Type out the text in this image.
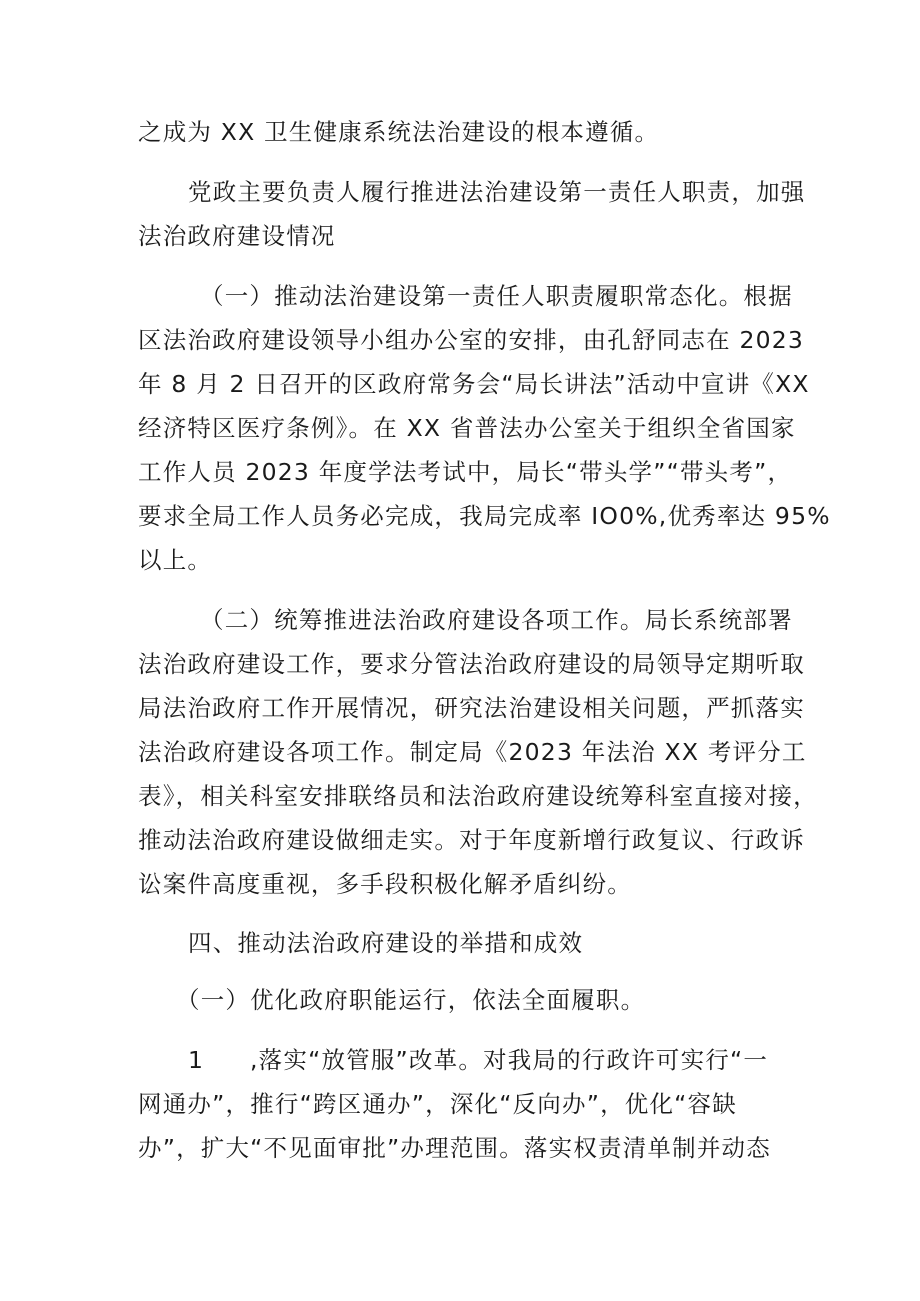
之成为 XX 卫生健康系统法治建设的根本遵循。
党政主要负责人履行推进法治建设第一责任人职责，加强
法治政府建设情况
（一）推动法治建设第一责任人职责履职常态化。根据
区法治政府建设领导小组办公室的安排，由孔舒同志在 2023
年 8 月 2 日召开的区政府常务会“局长讲法”活动中宣讲《XX
经济特区医疗条例》。在 XX 省普法办公室关于组织全省国家
工作人员 2023 年度学法考试中，局长“带头学”“带头考”，
要求全局工作人员务必完成，我局完成率 IO0%,优秀率达 95%
以上。
（二）统筹推进法治政府建设各项工作。局长系统部署
法治政府建设工作，要求分管法治政府建设的局领导定期听取
局法治政府工作开展情况，研究法治建设相关问题，严抓落实
法治政府建设各项工作。制定局《2023 年法治 XX 考评分工
表》，相关科室安排联络员和法治政府建设统筹科室直接对接，
推动法治政府建设做细走实。对于年度新增行政复议、行政诉
讼案件高度重视，多手段积极化解矛盾纠纷。
四、推动法治政府建设的举措和成效
（一）优化政府职能运行，依法全面履职。
1 ,落实“放管服”改革。对我局的行政许可实行“一
网通办”，推行“跨区通办”，深化“反向办”，优化“容缺
办”，扩大“不见面审批”办理范围。落实权责清单制并动态
